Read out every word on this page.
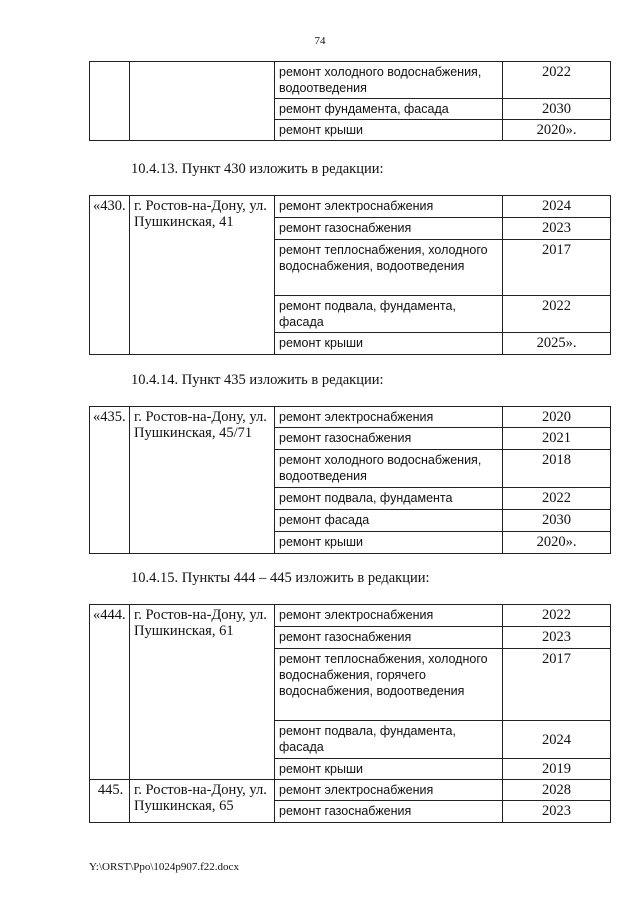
74
		ремонт холодного водоснабжения, водоотведения	2022
		ремонт фундамента, фасада	2030
		ремонт крыши	2020».
10.4.13. Пункт 430 изложить в редакции:
«430.	г. Ростов-на-Дону, ул. Пушкинская, 41	ремонт электроснабжения	2024
		ремонт газоснабжения	2023
		ремонт теплоснабжения, холодного водоснабжения, водоотведения	2017
		ремонт подвала, фундамента, фасада	2022
		ремонт крыши	2025».
10.4.14. Пункт 435 изложить в редакции:
«435.	г. Ростов-на-Дону, ул. Пушкинская, 45/71	ремонт электроснабжения	2020
		ремонт газоснабжения	2021
		ремонт холодного водоснабжения, водоотведения	2018
		ремонт подвала, фундамента	2022
		ремонт фасада	2030
		ремонт крыши	2020».
10.4.15. Пункты 444 – 445 изложить в редакции:
«444.	г. Ростов-на-Дону, ул. Пушкинская, 61	ремонт электроснабжения	2022
		ремонт газоснабжения	2023
		ремонт теплоснабжения, холодного водоснабжения, горячего водоснабжения, водоотведения	2017
		ремонт подвала, фундамента, фасада	2024
		ремонт крыши	2019
445.	г. Ростов-на-Дону, ул. Пушкинская, 65	ремонт электроснабжения	2028
		ремонт газоснабжения	2023
Y:\ORST\Ppo\1024p907.f22.docx
